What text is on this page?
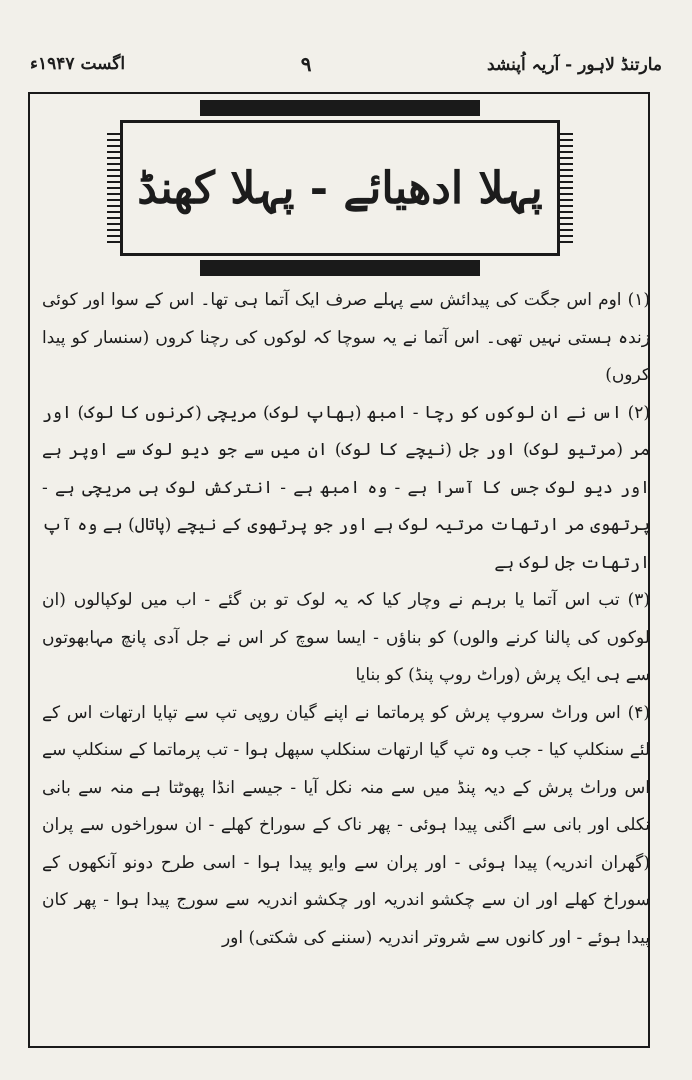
مارتنڈ لاہور - آریہ اُپنشد
۹
اگست ۱۹۴۷ء
پہلا ادھیائے - پہلا کھنڈ

(۱) اوم اس جگت کی پیدائش سے پہلے صرف ایک آتما ہی تھا۔ اس کے سوا اور کوئی زندہ ہستی نہیں تھی۔ اس آتما نے یہ سوچا کہ لوکوں کی رچنا کروں (سنسار کو پیدا کروں)

(۲) اس نے ان لوکوں کو رچا - امبھ (بھاپ لوک) مریچی (کرنوں کا لوک) اور مر (مرتیو لوک) اور جل (نیچے کا لوک) ان میں سے جو دیو لوک سے اوپر ہے اور دیو لوک جس کا آسرا ہے - وہ امبھ ہے - انترکش لوک ہی مریچی ہے - پرتھوی مر ارتھات مرتیہ لوک ہے اور جو پرتھوی کے نیچے (پاتال) ہے وہ آپ ارتھات جل لوک ہے

(۳) تب اس آتما یا برہم نے وچار کیا کہ یہ لوک تو بن گئے - اب میں لوکپالوں (ان لوکوں کی پالنا کرنے والوں) کو بناؤں - ایسا سوچ کر اس نے جل آدی پانچ مہابھوتوں سے ہی ایک پرش (وراٹ روپ پنڈ) کو بنایا

(۴) اس وراٹ سروپ پرش کو پرماتما نے اپنے گیان روپی تپ سے تپایا ارتھات اس کے لئے سنکلپ کیا - جب وہ تپ گیا ارتھات سنکلپ سپھل ہوا - تب پرماتما کے سنکلپ سے اس وراٹ پرش کے دیہ پنڈ میں سے منہ نکل آیا - جیسے انڈا پھوٹتا ہے منہ سے بانی نکلی اور بانی سے اگنی پیدا ہوئی - پھر ناک کے سوراخ کھلے - ان سوراخوں سے پران (گھران اندریہ) پیدا ہوئی - اور پران سے وایو پیدا ہوا - اسی طرح دونو آنکھوں کے سوراخ کھلے اور ان سے چکشو اندریہ اور چکشو اندریہ سے سورج پیدا ہوا - پھر کان پیدا ہوئے - اور کانوں سے شروتر اندریہ (سننے کی شکتی) اور
